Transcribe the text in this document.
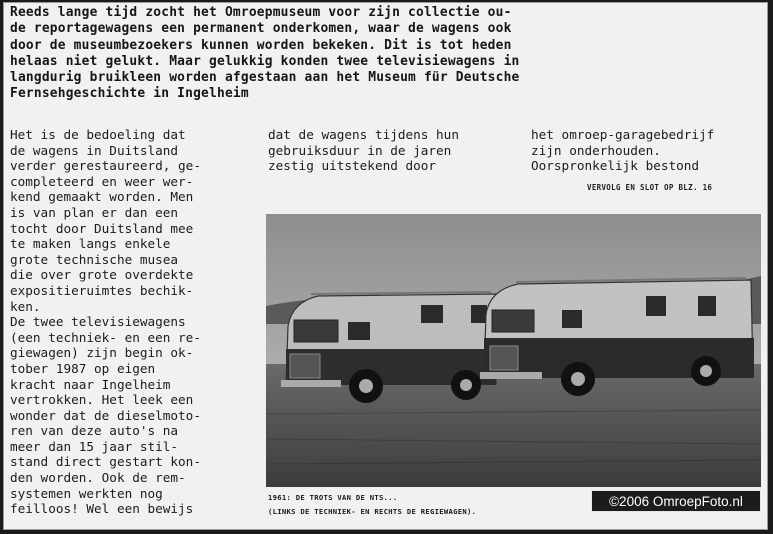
Reeds lange tijd zocht het Omroepmuseum voor zijn collectie ou-
de reportagewagens een permanent onderkomen, waar de wagens ook
door de museumbezoekers kunnen worden bekeken. Dit is tot heden
helaas niet gelukt. Maar gelukkig konden twee televisiewagens in
langdurig bruikleen worden afgestaan aan het Museum für Deutsche
Fernsehgeschichte in Ingelheim
Het is de bedoeling dat
de wagens in Duitsland
verder gerestaureerd, ge-
completeerd en weer wer-
kend gemaakt worden. Men
is van plan er dan een
tocht door Duitsland mee
te maken langs enkele
grote technische musea
die over grote overdekte
expositieruimtes bechik-
ken.
De twee televisiewagens
(een techniek- en een re-
giewagen) zijn begin ok-
tober 1987 op eigen
kracht naar Ingelheim
vertrokken. Het leek een
wonder dat de dieselmoto-
ren van deze auto's na
meer dan 15 jaar stil-
stand direct gestart kon-
den worden. Ook de rem-
systemen werkten nog
feilloos! Wel een bewijs
dat de wagens tijdens hun
gebruiksduur in de jaren
zestig uitstekend door
het omroep-garagebedrijf
zijn onderhouden.
Oorspronkelijk bestond
VERVOLG EN SLOT OP BLZ. 16
1961: DE TROTS VAN DE NTS...
(LINKS DE TECHNIEK- EN RECHTS DE REGIEWAGEN).
©2006 OmroepFoto.nl
